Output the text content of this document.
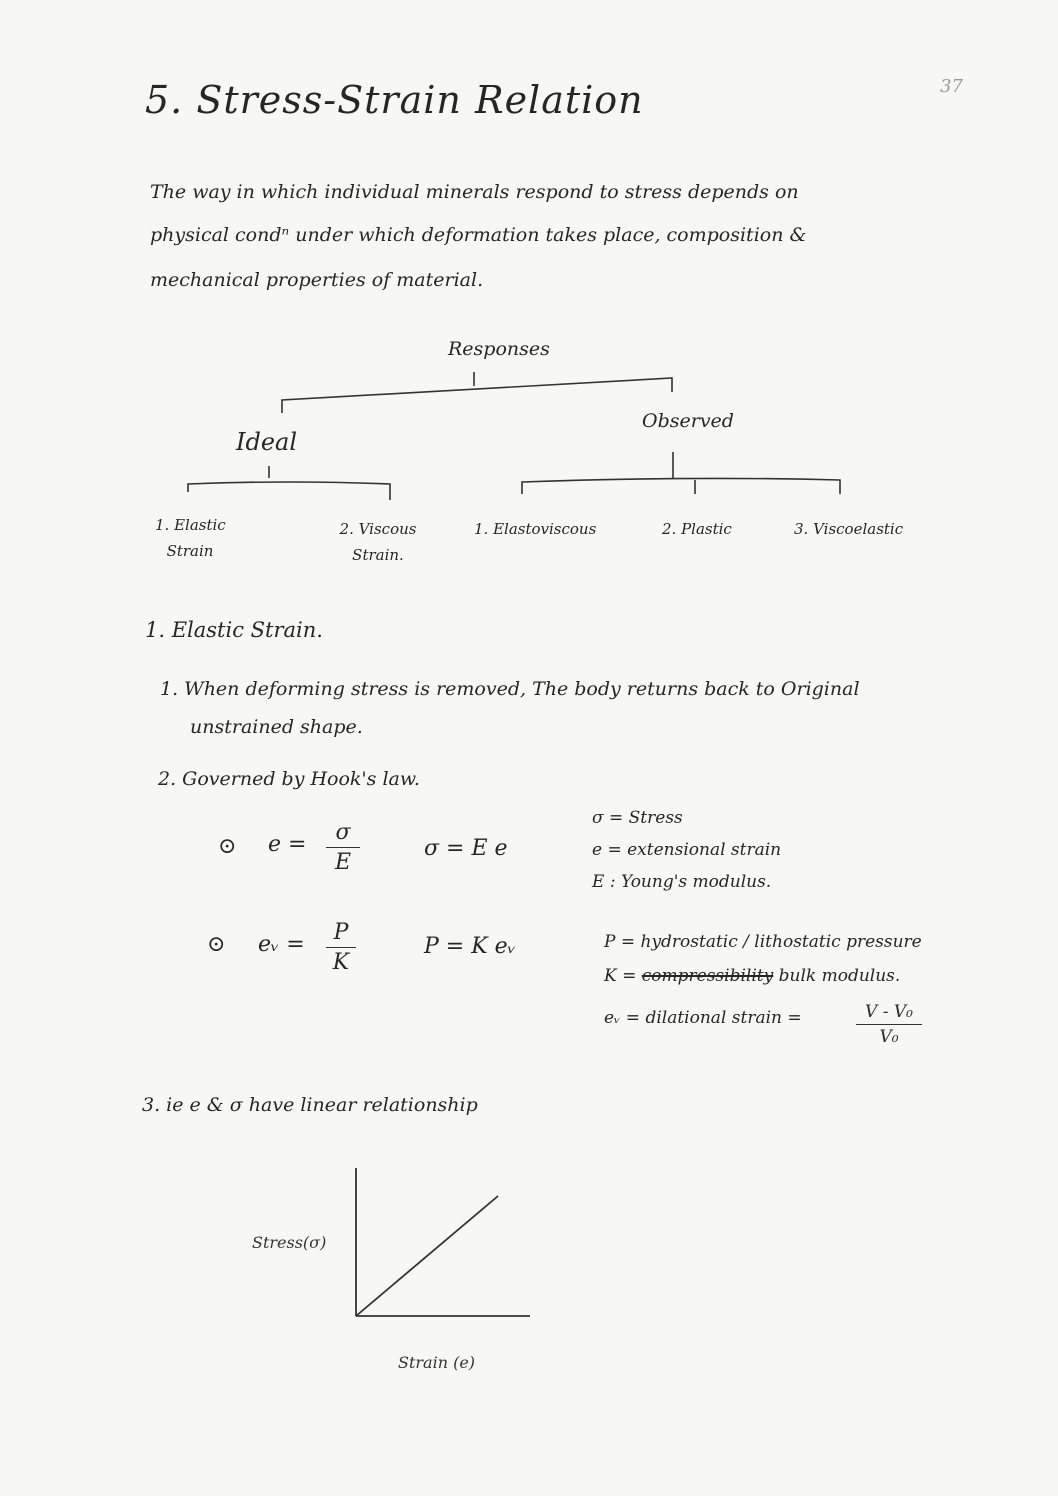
37
5. Stress-Strain Relation
The way in which individual minerals respond to stress depends on
physical condⁿ under which deformation takes place, composition &
mechanical properties of material.
Responses
Ideal
Observed
1. Elastic
Strain
2. Viscous
Strain.
1. Elastoviscous	2. Plastic	3. Viscoelastic
1. Elastic Strain.
1. When deforming stress is removed, The body returns back to Original
unstrained shape.
2. Governed by Hook's law.
⊙ e = σ
E
σ = E e
σ = Stress
e = extensional strain
E : Young's modulus.
⊙ eᵥ = P
K
P = K eᵥ	P = hydrostatic / lithostatic pressure
K = compressibility bulk modulus.
eᵥ = dilational strain =	V - V₀
V₀
3. ie e & σ have linear relationship
Stress(σ)
Strain (e)
